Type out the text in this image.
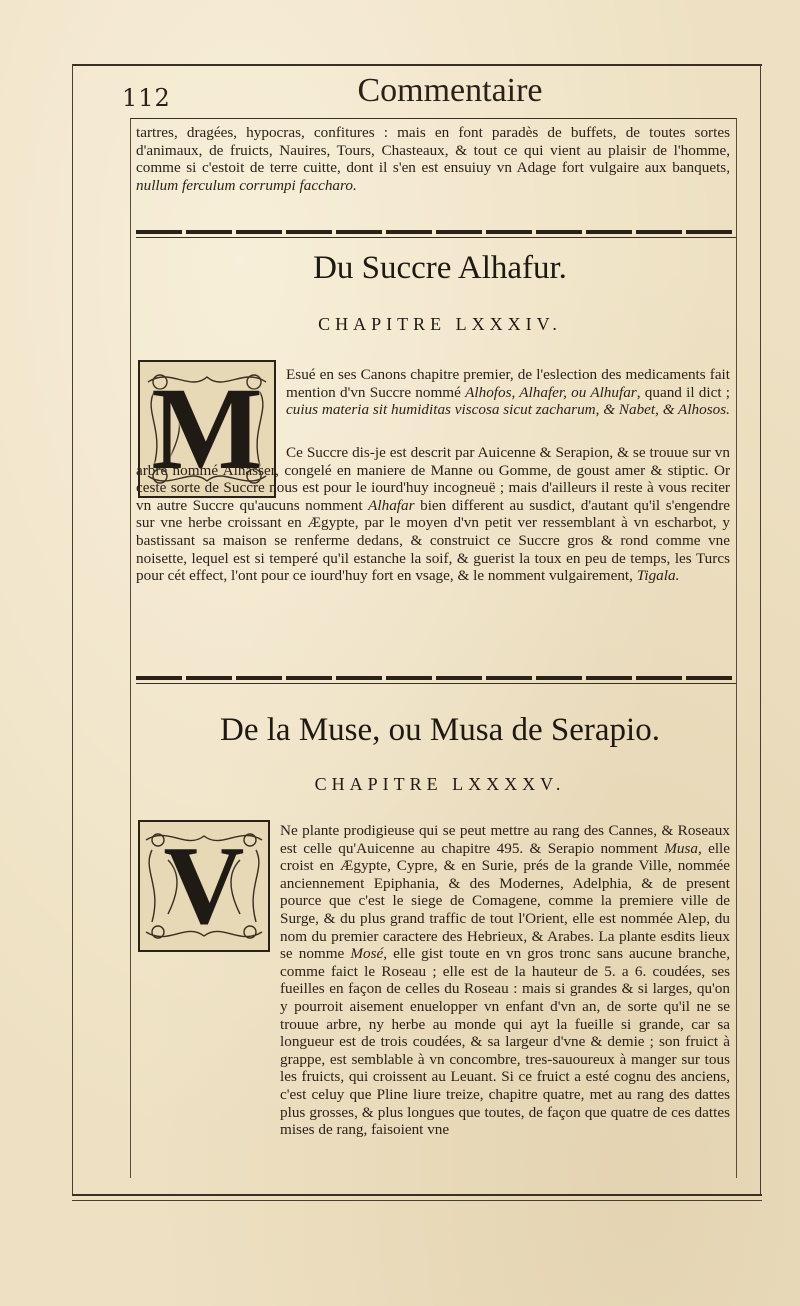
112	Commentaire

tartres, dragées, hypocras, confitures : mais en font paradès de buffets, de toutes sortes d'animaux, de fruicts, Nauires, Tours, Chasteaux, & tout ce qui vient au plaisir de l'homme, comme si c'estoit de terre cuitte, dont il s'en est ensuiuy vn Adage fort vulgaire aux banquets, nullum ferculum corrumpi facchаro.

Du Succre Alhafur.
CHAPITRE LXXXIV.
M	Esué en ses Canons chapitre premier, de l'eslection des medicaments fait mention d'vn Succre nommé Alhofos, Alhafer, ou Alhufar, quand il dict ; cuius materia sit humiditas viscosa sicut zacharum, & Nabet, & Alhosos.

Ce Succre dis-je est descrit par Auicenne & Serapion, & se trouue sur vn arbre nommé Alhasser, congelé en maniere de Manne ou Gomme, de goust amer & stiptic. Or ceste sorte de Succre nous est pour le iourd'huy incogneuë ; mais d'ailleurs il reste à vous reciter vn autre Succre qu'aucuns nomment Alhafar bien different au susdict, d'autant qu'il s'engendre sur vne herbe croissant en Ægypte, par le moyen d'vn petit ver ressemblant à vn escharbot, y bastissant sa maison se renferme dedans, & construict ce Succre gros & rond comme vne noisette, lequel est si temperé qu'il estanche la soif, & guerist la toux en peu de temps, les Turcs pour cét effect, l'ont pour ce iourd'huy fort en vsage, & le nomment vulgairement, Tigala.

De la Muse, ou Musa de Serapio.
CHAPITRE LXXXXV.
V	Ne plante prodigieuse qui se peut mettre au rang des Cannes, & Roseaux est celle qu'Auicenne au chapitre 495. & Serapio nomment Musa, elle croist en Ægypte, Cypre, & en Surie, prés de la grande Ville, nommée anciennement Epiphania, & des Modernes, Adelphia, & de present pource que c'est le siege de Comagene, comme la premiere ville de Surge, & du plus grand traffic de tout l'Orient, elle est nommée Alep, du nom du premier caractere des Hebrieux, & Arabes. La plante esdits lieux se nomme Mosé, elle gist toute en vn gros tronc sans aucune branche, comme faict le Roseau ; elle est de la hauteur de 5. a 6. coudées, ses fueilles en façon de celles du Roseau : mais si grandes & si larges, qu'on y pourroit aisement enuelopper vn enfant d'vn an, de sorte qu'il ne se trouue arbre, ny herbe au monde qui ayt la fueille si grande, car sa longueur est de trois coudées, & sa largeur d'vne & demie ; son fruict à grappe, est semblable à vn concombre, tres-sauoureux à manger sur tous les fruicts, qui croissent au Leuant. Si ce fruict a esté cognu des anciens, c'est celuy que Pline liure treize, chapitre quatre, met au rang des dattes plus grosses, & plus longues que toutes, de façon que quatre de ces dattes mises de rang, faisoient vne
